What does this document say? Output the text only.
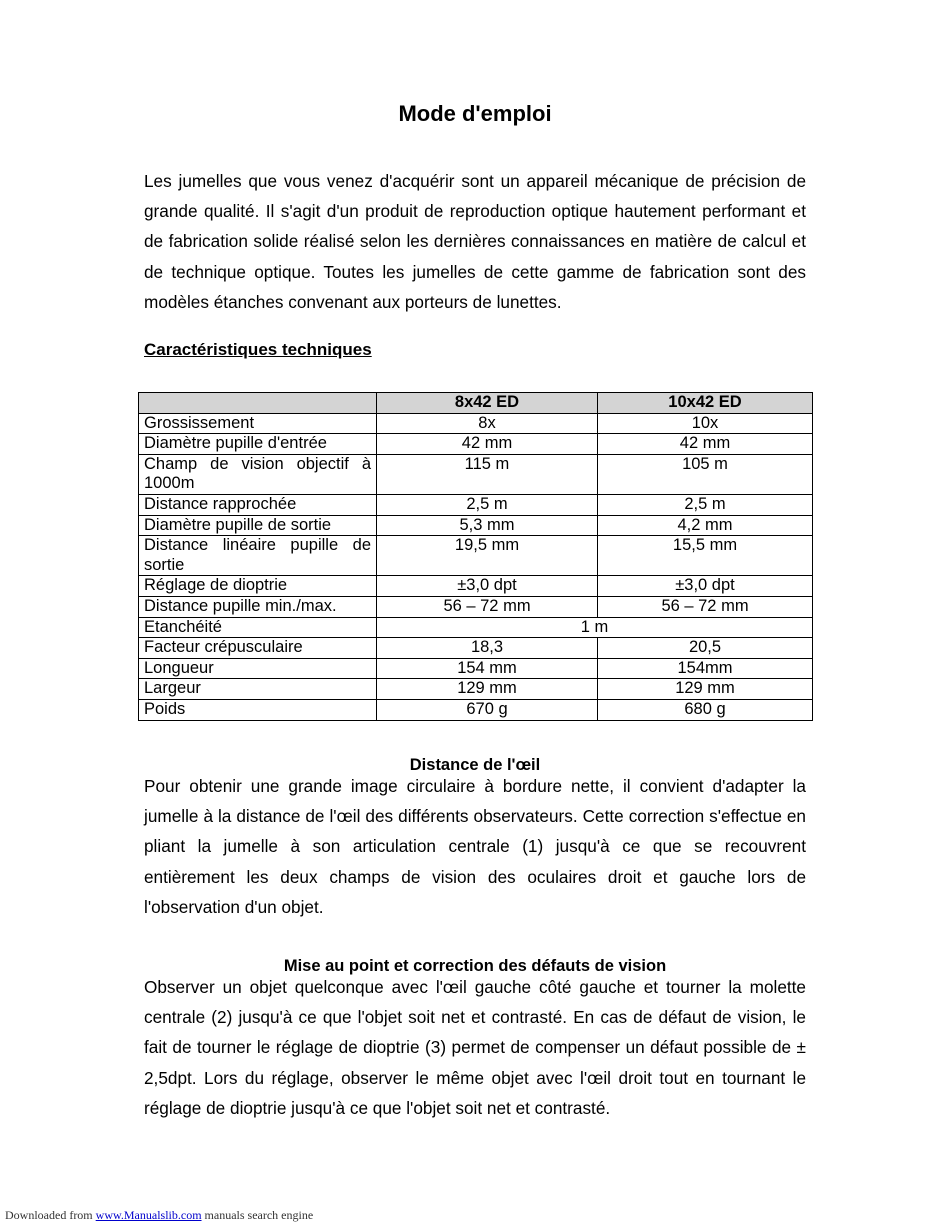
Mode d'emploi

Les jumelles que vous venez d'acquérir sont un appareil mécanique de précision de grande qualité. Il s'agit d'un produit de reproduction optique hautement performant et de fabrication solide réalisé selon les dernières connaissances en matière de calcul et de technique optique. Toutes les jumelles de cette gamme de fabrication sont des modèles étanches convenant aux porteurs de lunettes.

Caractéristiques techniques
	8x42 ED	10x42 ED
Grossissement	8x	10x
Diamètre pupille d'entrée	42 mm	42 mm
Champ de vision objectif à 1000m	115 m	105 m
Distance rapprochée	2,5 m	2,5 m
Diamètre pupille de sortie	5,3 mm	4,2 mm
Distance linéaire pupille de sortie	19,5 mm	15,5 mm
Réglage de dioptrie	±3,0 dpt	±3,0 dpt
Distance pupille min./max.	56 – 72 mm	56 – 72 mm
Etanchéité	1 m	
Facteur crépusculaire	18,3	20,5
Longueur	154 mm	154mm
Largeur	129 mm	129 mm
Poids	670 g	680 g
Distance de l'œil

Pour obtenir une grande image circulaire à bordure nette, il convient d'adapter la jumelle à la distance de l'œil des différents observateurs. Cette correction s'effectue en pliant la jumelle à son articulation centrale (1) jusqu'à ce que se recouvrent entièrement les deux champs de vision des oculaires droit et gauche lors de l'observation d'un objet.

Mise au point et correction des défauts de vision

Observer un objet quelconque avec l'œil gauche côté gauche et tourner la molette centrale (2) jusqu'à ce que l'objet soit net et contrasté. En cas de défaut de vision, le fait de tourner le réglage de dioptrie (3) permet de compenser un défaut possible de ± 2,5dpt. Lors du réglage, observer le même objet avec l'œil droit tout en tournant le réglage de dioptrie jusqu'à ce que l'objet soit net et contrasté.

Downloaded from www.Manualslib.com manuals search engine
